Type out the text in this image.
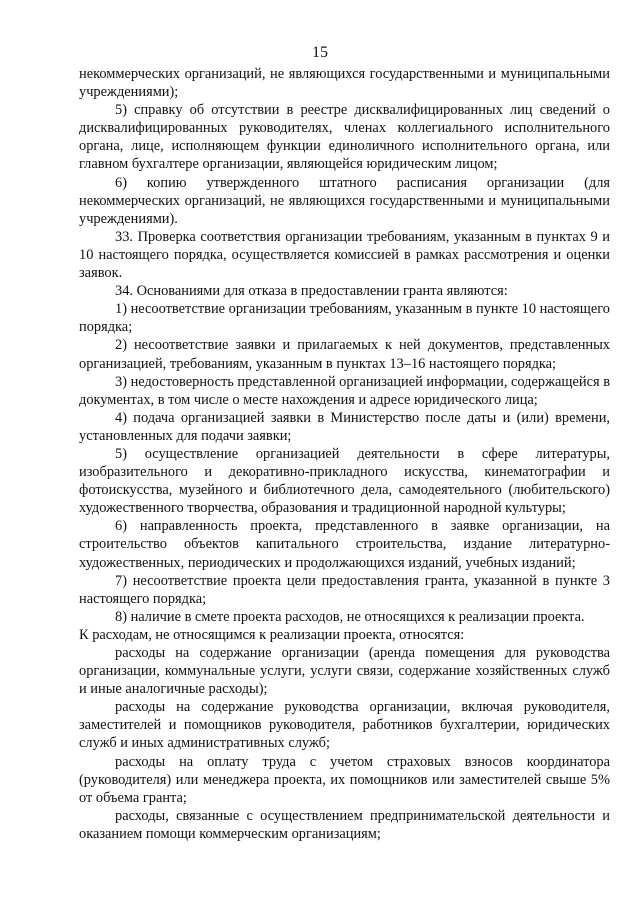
15

некоммерческих организаций, не являющихся государственными и муниципальными учреждениями);

5) справку об отсутствии в реестре дисквалифицированных лиц сведений о дисквалифицированных руководителях, членах коллегиального исполнительного органа, лице, исполняющем функции единоличного исполнительного органа, или главном бухгалтере организации, являющейся юридическим лицом;

6) копию утвержденного штатного расписания организации (для некоммерческих организаций, не являющихся государственными и муниципальными учреждениями).

33. Проверка соответствия организации требованиям, указанным в пунктах 9 и 10 настоящего порядка, осуществляется комиссией в рамках рассмотрения и оценки заявок.

34. Основаниями для отказа в предоставлении гранта являются:

1) несоответствие организации требованиям, указанным в пункте 10 настоящего порядка;

2) несоответствие заявки и прилагаемых к ней документов, представленных организацией, требованиям, указанным в пунктах 13–16 настоящего порядка;

3) недостоверность представленной организацией информации, содержащейся в документах, в том числе о месте нахождения и адресе юридического лица;

4) подача организацией заявки в Министерство после даты и (или) времени, установленных для подачи заявки;

5) осуществление организацией деятельности в сфере литературы, изобразительного и декоративно-прикладного искусства, кинематографии и фотоискусства, музейного и библиотечного дела, самодеятельного (любительского) художественного творчества, образования и традиционной народной культуры;

6) направленность проекта, представленного в заявке организации, на строительство объектов капитального строительства, издание литературно-художественных, периодических и продолжающихся изданий, учебных изданий;

7) несоответствие проекта цели предоставления гранта, указанной в пункте 3 настоящего порядка;

8) наличие в смете проекта расходов, не относящихся к реализации проекта.

К расходам, не относящимся к реализации проекта, относятся:

расходы на содержание организации (аренда помещения для руководства организации, коммунальные услуги, услуги связи, содержание хозяйственных служб и иные аналогичные расходы);

расходы на содержание руководства организации, включая руководителя, заместителей и помощников руководителя, работников бухгалтерии, юридических служб и иных административных служб;

расходы на оплату труда с учетом страховых взносов координатора (руководителя) или менеджера проекта, их помощников или заместителей свыше 5% от объема гранта;

расходы, связанные с осуществлением предпринимательской деятельности и оказанием помощи коммерческим организациям;
